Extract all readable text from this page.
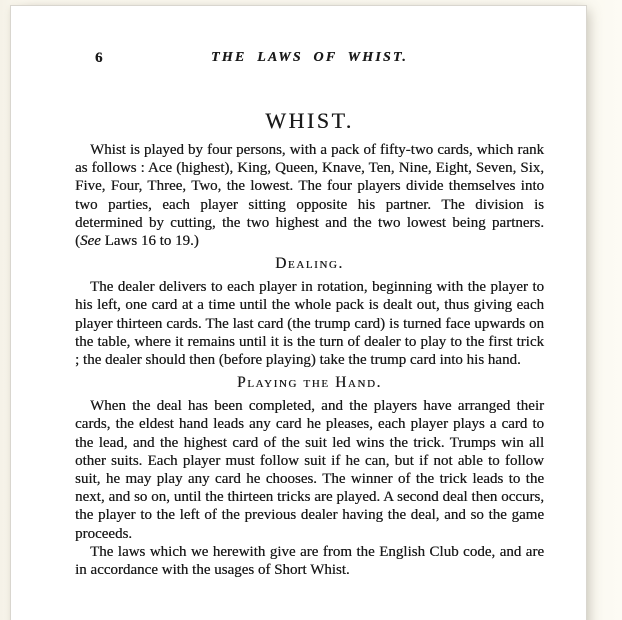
6	THE LAWS OF WHIST.
WHIST.

Whist is played by four persons, with a pack of fifty-two cards, which rank as follows : Ace (highest), King, Queen, Knave, Ten, Nine, Eight, Seven, Six, Five, Four, Three, Two, the lowest. The four players divide themselves into two parties, each player sitting opposite his partner. The division is determined by cutting, the two highest and the two lowest being partners. (See Laws 16 to 19.)

Dealing.

The dealer delivers to each player in rotation, beginning with the player to his left, one card at a time until the whole pack is dealt out, thus giving each player thirteen cards. The last card (the trump card) is turned face upwards on the table, where it remains until it is the turn of dealer to play to the first trick ; the dealer should then (before playing) take the trump card into his hand.

Playing the Hand.

When the deal has been completed, and the players have arranged their cards, the eldest hand leads any card he pleases, each player plays a card to the lead, and the highest card of the suit led wins the trick. Trumps win all other suits. Each player must follow suit if he can, but if not able to follow suit, he may play any card he chooses. The winner of the trick leads to the next, and so on, until the thirteen tricks are played. A second deal then occurs, the player to the left of the previous dealer having the deal, and so the game proceeds.

The laws which we herewith give are from the English Club code, and are in accordance with the usages of Short Whist.
